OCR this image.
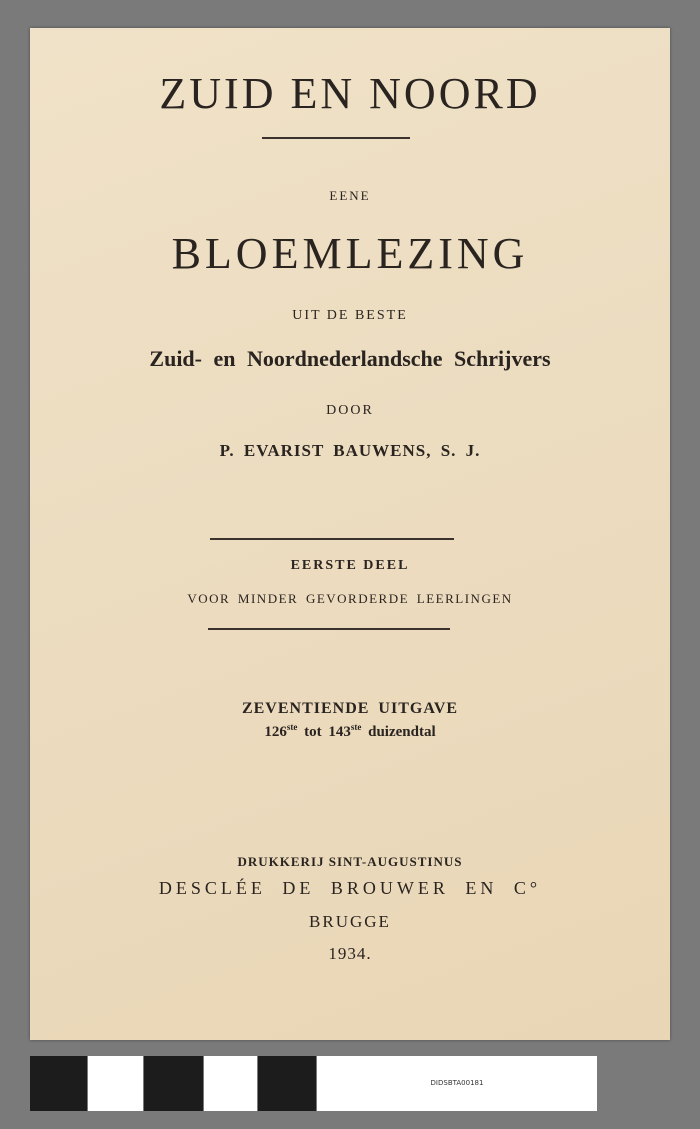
ZUID EN NOORD
EENE
BLOEMLEZING
UIT DE BESTE
Zuid- en Noordnederlandsche Schrijvers
DOOR
P. EVARIST BAUWENS, S. J.
EERSTE DEEL
VOOR MINDER GEVORDERDE LEERLINGEN
ZEVENTIENDE UITGAVE
126ste tot 143ste duizendtal
DRUKKERIJ SINT-AUGUSTINUS
DESCLÉE DE BROUWER EN C°
BRUGGE
1934.
DIDSBTA00181
